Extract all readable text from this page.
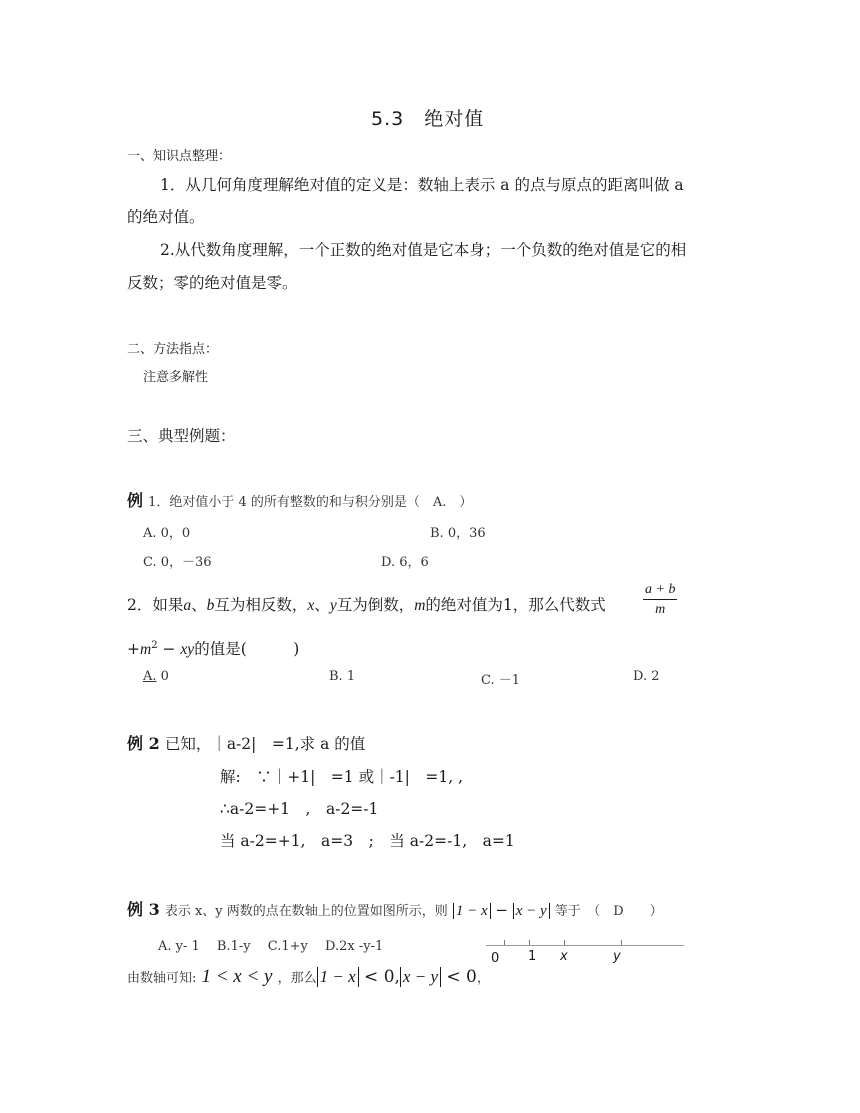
5.3　绝对值
一、知识点整理：
1．从几何角度理解绝对值的定义是：数轴上表示 a 的点与原点的距离叫做 a
的绝对值。
2.从代数角度理解，一个正数的绝对值是它本身；一个负数的绝对值是它的相
反数；零的绝对值是零。
二、方法指点：
注意多解性
三、典型例题：
例 1．绝对值小于 4 的所有整数的和与积分别是（　A.　）
A. 0，0	B. 0，36
C. 0，－36	D. 6，6
2．如果a、b互为相反数，x、y互为倒数，m的绝对值为1，那么代数式	$\frac{a + b}{m}$
$+m^2$ − xy的值是(　　　)
A. 0	B. 1	C. －1	D. 2
例 2 已知，｜a-2|　=1,求 a 的值
解:　∵｜+1|　=1 或｜-1|　=1, ,
∴a-2=+1　,　a-2=-1
当 a-2=+1,　a=3　;　当 a-2=-1,　a=1
例 3 表示 x、y 两数的点在数轴上的位置如图所示，则 1 − x − x − y 等于　（　D　　）
A. y- 1　 B.1-y　 C.1+y　 D.2x -y-1
0 1 x	y
由数轴可知: 1 < x < y ，那么 1 − x < 0, x − y < 0，
